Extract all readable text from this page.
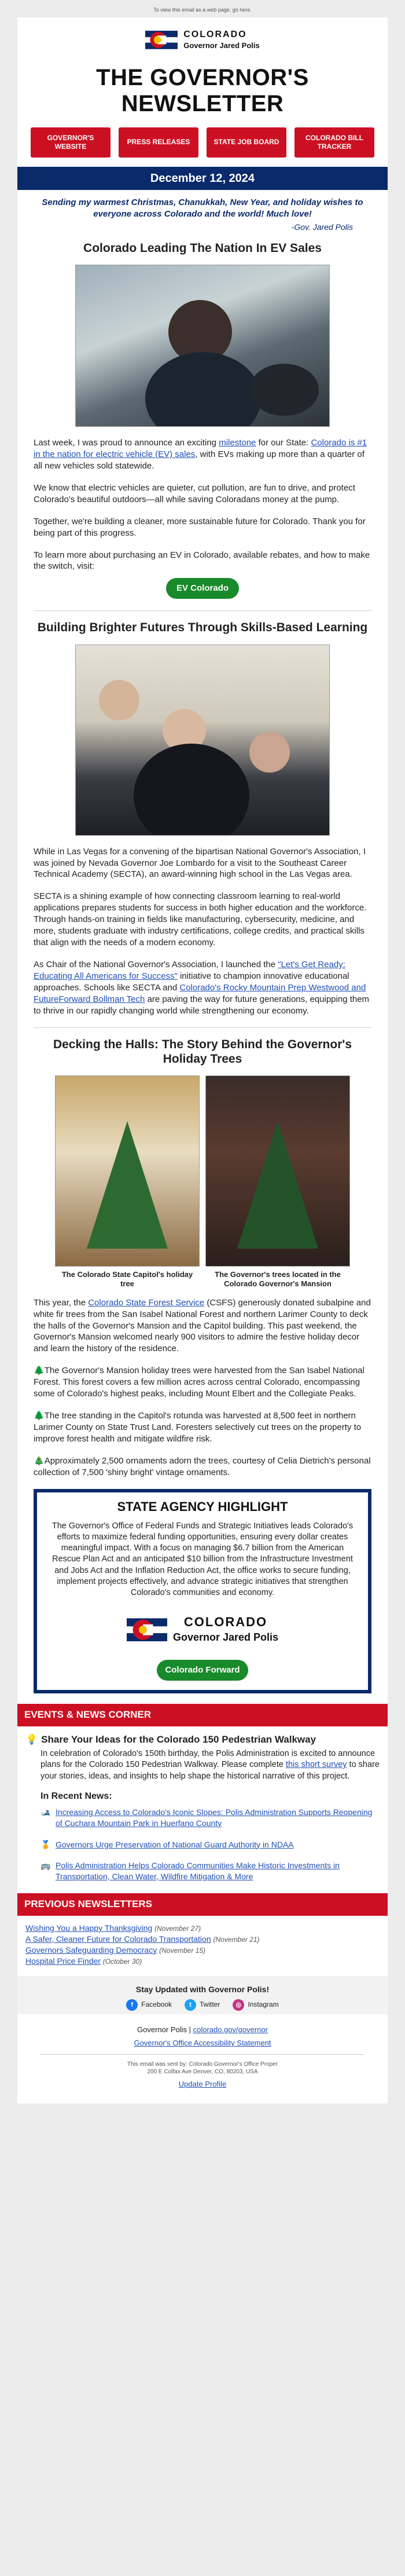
To view this email as a web page, go here.
COLORADO
Governor Jared Polis
THE GOVERNOR'S NEWSLETTER
GOVERNOR'S WEBSITE
PRESS RELEASES	STATE JOB BOARD
COLORADO BILL TRACKER
December 12, 2024
Sending my warmest Christmas, Chanukkah, New Year, and holiday wishes to everyone across Colorado and the world! Much love!
-Gov. Jared Polis
Colorado Leading The Nation In EV Sales

Last week, I was proud to announce an exciting milestone for our State: Colorado is #1 in the nation for electric vehicle (EV) sales, with EVs making up more than a quarter of all new vehicles sold statewide.

We know that electric vehicles are quieter, cut pollution, are fun to drive, and protect Colorado's beautiful outdoors—all while saving Coloradans money at the pump.

Together, we're building a cleaner, more sustainable future for Colorado. Thank you for being part of this progress.

To learn more about purchasing an EV in Colorado, available rebates, and how to make the switch, visit:

EV Colorado
Building Brighter Futures Through Skills-Based Learning

While in Las Vegas for a convening of the bipartisan National Governor's Association, I was joined by Nevada Governor Joe Lombardo for a visit to the Southeast Career Technical Academy (SECTA), an award-winning high school in the Las Vegas area.

SECTA is a shining example of how connecting classroom learning to real-world applications prepares students for success in both higher education and the workforce. Through hands-on training in fields like manufacturing, cybersecurity, medicine, and more, students graduate with industry certifications, college credits, and practical skills that align with the needs of a modern economy.

As Chair of the National Governor's Association, I launched the "Let's Get Ready: Educating All Americans for Success" initiative to champion innovative educational approaches. Schools like SECTA and Colorado's Rocky Mountain Prep Westwood and FutureForward Bollman Tech are paving the way for future generations, equipping them to thrive in our rapidly changing world while strengthening our economy.

Decking the Halls: The Story Behind the Governor's Holiday Trees
The Colorado State Capitol's holiday tree
The Governor's trees located in the Colorado Governor's Mansion

This year, the Colorado State Forest Service (CSFS) generously donated subalpine and white fir trees from the San Isabel National Forest and northern Larimer County to deck the halls of the Governor's Mansion and the Capitol building. This past weekend, the Governor's Mansion welcomed nearly 900 visitors to admire the festive holiday decor and learn the history of the residence.

🌲The Governor's Mansion holiday trees were harvested from the San Isabel National Forest. This forest covers a few million acres across central Colorado, encompassing some of Colorado's highest peaks, including Mount Elbert and the Collegiate Peaks.

🌲The tree standing in the Capitol's rotunda was harvested at 8,500 feet in northern Larimer County on State Trust Land. Foresters selectively cut trees on the property to improve forest health and mitigate wildfire risk.

🎄Approximately 2,500 ornaments adorn the trees, courtesy of Celia Dietrich's personal collection of 7,500 'shiny bright' vintage ornaments.

STATE AGENCY HIGHLIGHT

The Governor's Office of Federal Funds and Strategic Initiatives leads Colorado's efforts to maximize federal funding opportunities, ensuring every dollar creates meaningful impact. With a focus on managing $6.7 billion from the American Rescue Plan Act and an anticipated $10 billion from the Infrastructure Investment and Jobs Act and the Inflation Reduction Act, the office works to secure funding, implement projects effectively, and advance strategic initiatives that strengthen Colorado's communities and economy.

COLORADO
Governor Jared Polis
Colorado Forward
EVENTS & NEWS CORNER
💡 Share Your Ideas for the Colorado 150 Pedestrian Walkway
In celebration of Colorado's 150th birthday, the Polis Administration is excited to announce plans for the Colorado 150 Pedestrian Walkway. Please complete this short survey to share your stories, ideas, and insights to help shape the historical narrative of this project.
In Recent News:
🎿 Increasing Access to Colorado's Iconic Slopes: Polis Administration Supports Reopening of Cuchara Mountain Park in Huerfano County
🏅 Governors Urge Preservation of National Guard Authority in NDAA
🚌 Polis Administration Helps Colorado Communities Make Historic Investments in Transportation, Clean Water, Wildfire Mitigation & More
PREVIOUS NEWSLETTERS
Wishing You a Happy Thanksgiving (November 27)
A Safer, Cleaner Future for Colorado Transportation (November 21)
Governors Safeguarding Democracy (November 15)
Hospital Price Finder (October 30)
Stay Updated with Governor Polis!
f	Facebook	t	Twitter	◎ Instagram
Governor Polis | colorado.gov/governor
Governor's Office Accessibility Statement
This email was sent by: Colorado Governor's Office Proper
200 E Colfax Ave Denver, CO, 80203, USA
Update Profile
